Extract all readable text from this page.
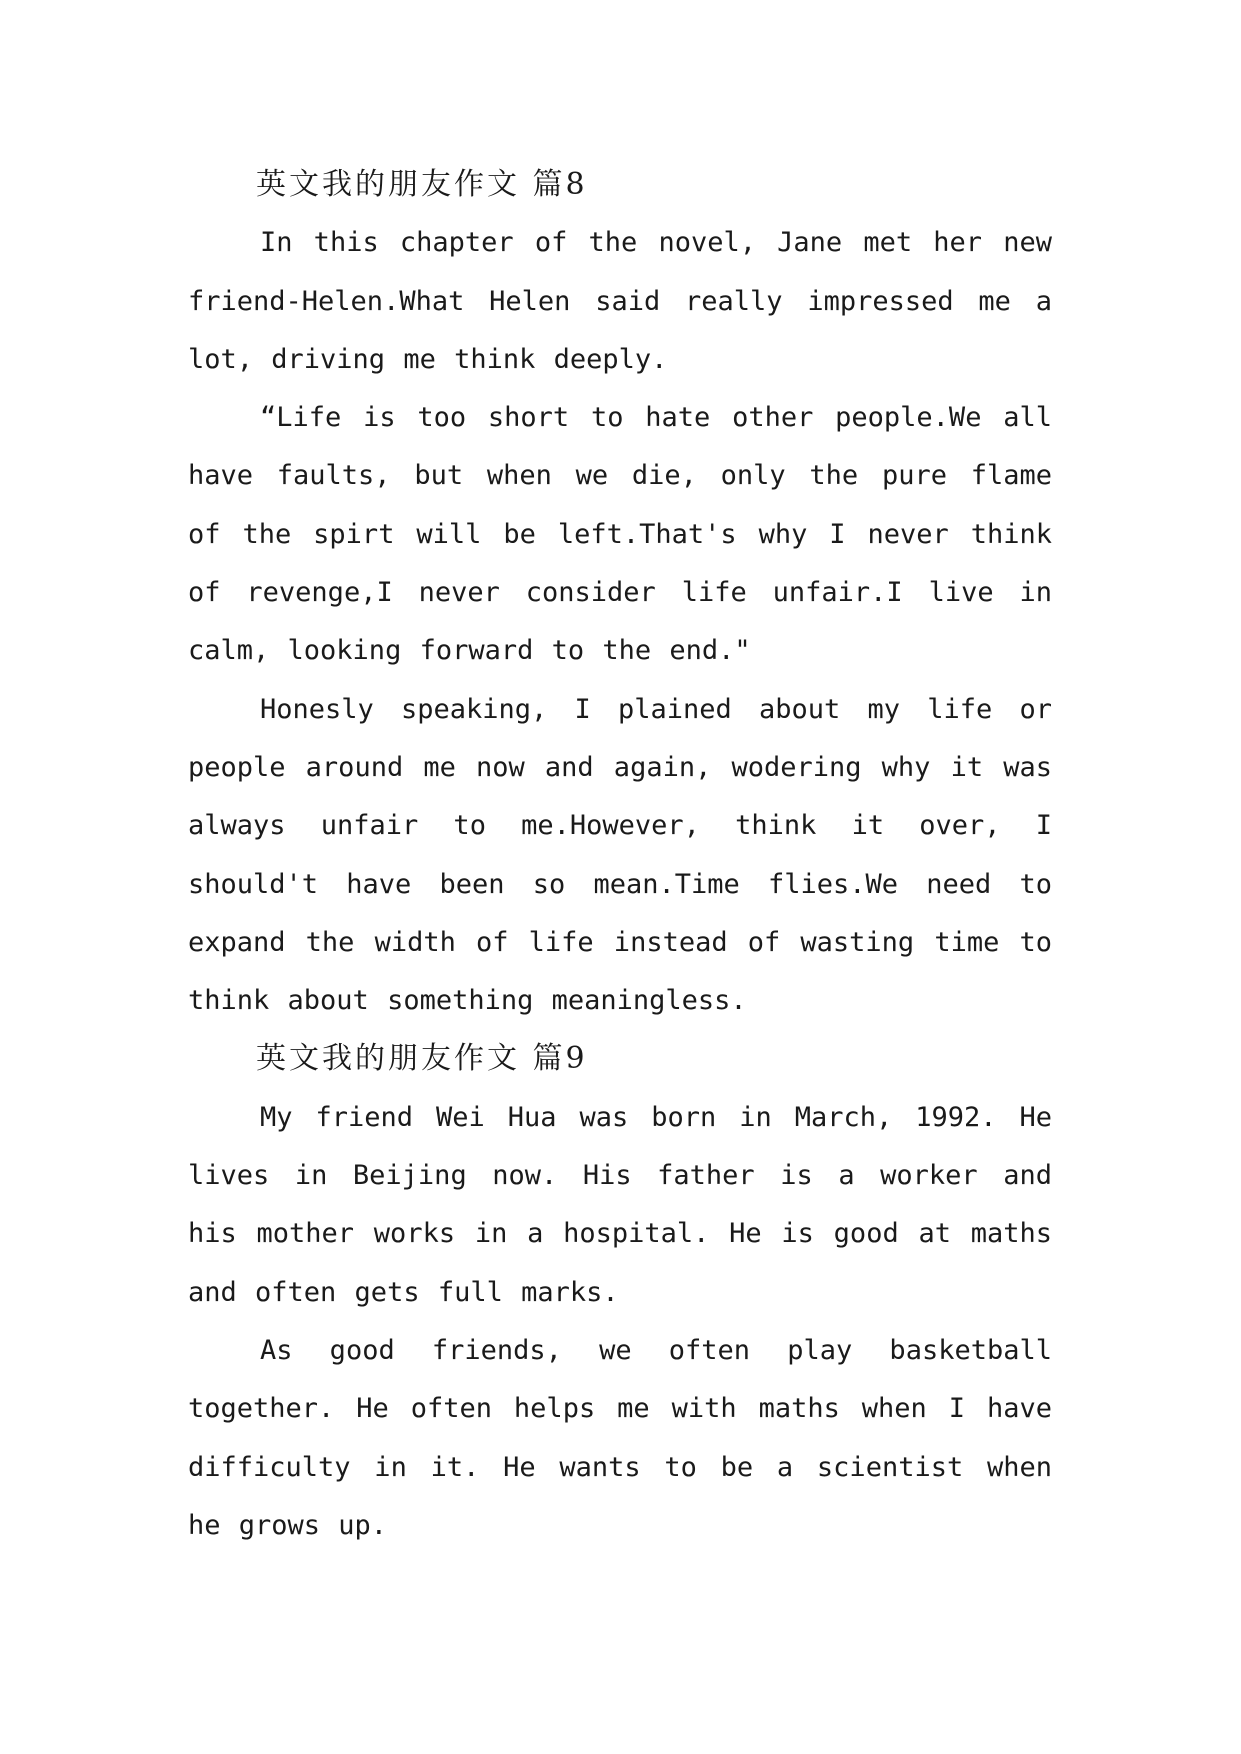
英文我的朋友作文 篇8

In this chapter of the novel, Jane met her new friend-Helen.What Helen said really impressed me a lot, driving me think deeply.

“Life is too short to hate other people.We all have faults, but when we die, only the pure flame of the spirt will be left.That's why I never think of revenge,I never consider life unfair.I live in calm, looking forward to the end."

Honesly speaking, I plained about my life or people around me now and again, wodering why it was always unfair to me.However, think it over, I should't have been so mean.Time flies.We need to expand the width of life instead of wasting time to think about something meaningless.

英文我的朋友作文 篇9

My friend Wei Hua was born in March, 1992. He lives in Beijing now. His father is a worker and his mother works in a hospital. He is good at maths and often gets full marks.

As good friends, we often play basketball together. He often helps me with maths when I have difficulty in it. He wants to be a scientist when he grows up.
